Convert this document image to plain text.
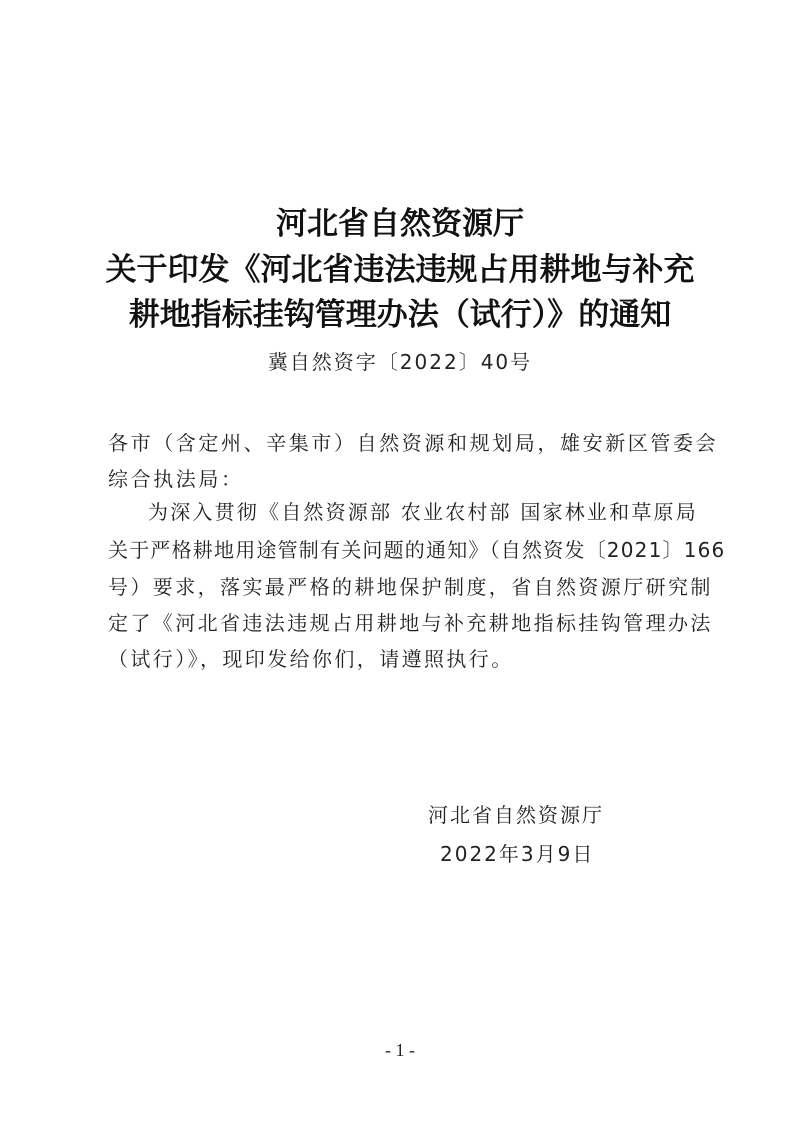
河北省自然资源厅
关于印发《河北省违法违规占用耕地与补充
耕地指标挂钩管理办法（试行）》的通知
冀自然资字〔2022〕40号
各市（含定州、辛集市）自然资源和规划局，雄安新区管委会
综合执法局：
为深入贯彻《自然资源部 农业农村部 国家林业和草原局
关于严格耕地用途管制有关问题的通知》（自然资发〔2021〕166
号）要求，落实最严格的耕地保护制度，省自然资源厅研究制
定了《河北省违法违规占用耕地与补充耕地指标挂钩管理办法
（试行）》，现印发给你们，请遵照执行。
河北省自然资源厅
2022年3月9日
- 1 -
